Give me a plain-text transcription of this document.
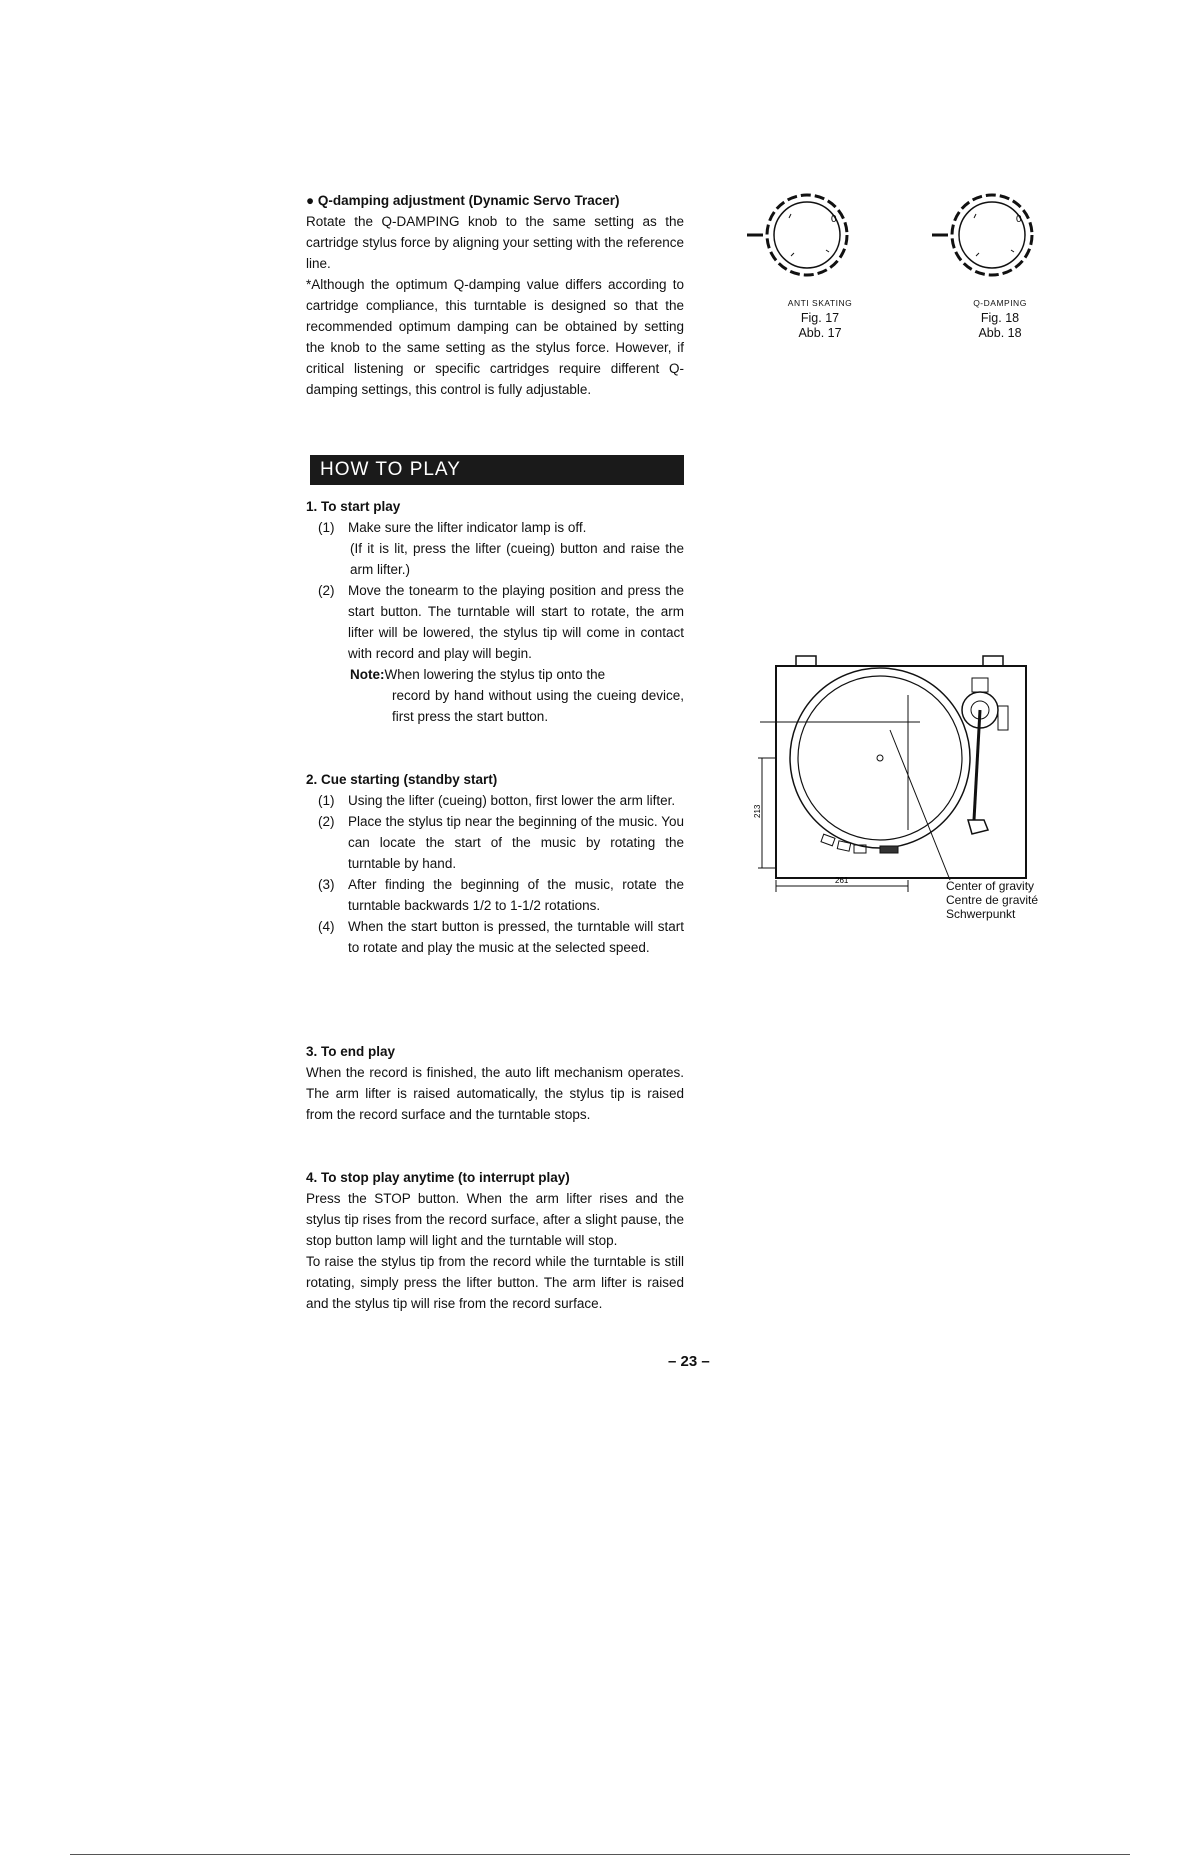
● Q-damping adjustment (Dynamic Servo Tracer)
Rotate the Q-DAMPING knob to the same setting as the cartridge stylus force by aligning your setting with the reference line.
*Although the optimum Q-damping value differs according to cartridge compliance, this turntable is designed so that the recommended optimum damping can be obtained by setting the knob to the same setting as the stylus force. However, if critical listening or specific cartridges require different Q-damping settings, this control is fully adjustable.
HOW TO PLAY
1. To start play
(1)	Make sure the lifter indicator lamp is off.
(If it is lit, press the lifter (cueing) button and raise the arm lifter.)
(2)	Move the tonearm to the playing position and press the start button. The turntable will start to rotate, the arm lifter will be lowered, the stylus tip will come in contact with record and play will begin.
Note:When lowering the stylus tip onto the
record by hand without using the cueing device, first press the start button.
2. Cue starting (standby start)
(1)	Using the lifter (cueing) botton, first lower the arm lifter.
(2)	Place the stylus tip near the beginning of the music. You can locate the start of the music by rotating the turntable by hand.
(3)	After finding the beginning of the music, rotate the turntable backwards 1/2 to 1-1/2 rotations.
(4)	When the start button is pressed, the turntable will start to rotate and play the music at the selected speed.
3. To end play
When the record is finished, the auto lift mechanism operates. The arm lifter is raised automatically, the stylus tip is raised from the record surface and the turntable stops.
4. To stop play anytime (to interrupt play)
Press the STOP button. When the arm lifter rises and the stylus tip rises from the record surface, after a slight pause, the stop button lamp will light and the turntable will stop.
To raise the stylus tip from the record while the turntable is still rotating, simply press the lifter button. The arm lifter is raised and the stylus tip will rise from the record surface.
– 23 –
0
ANTI SKATING
Fig. 17
Abb. 17
0
Q-DAMPING
Fig. 18
Abb. 18
213
261	Center of gravity
Centre de gravité
Schwerpunkt
